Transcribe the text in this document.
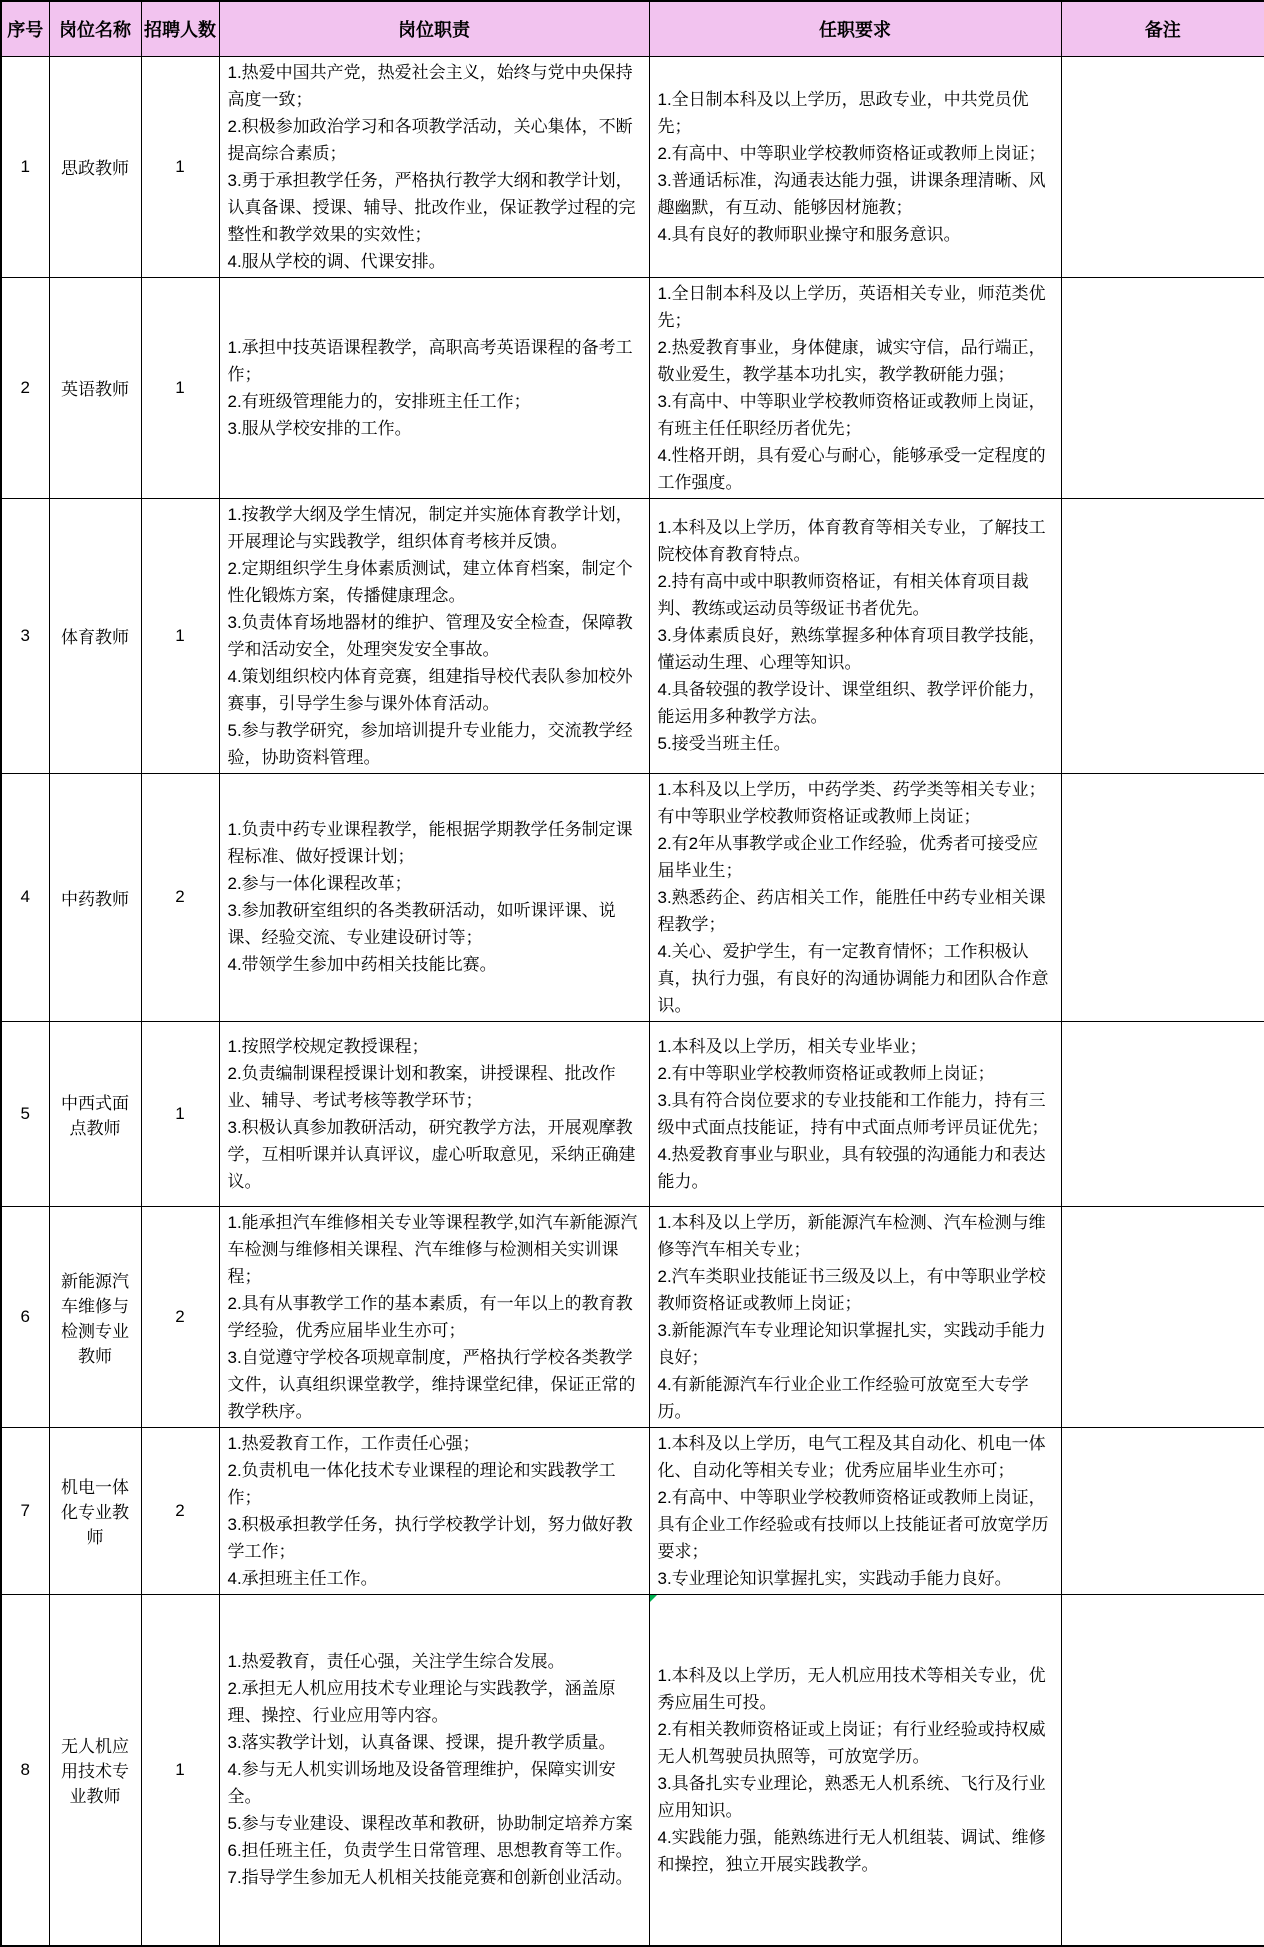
序号	岗位名称	招聘人数	岗位职责	任职要求	备注
1	思政教师	1	
1.热爱中国共产党，热爱社会主义，始终与党中央保持高度一致；
2.积极参加政治学习和各项教学活动，关心集体，不断提高综合素质；
3.勇于承担教学任务，严格执行教学大纲和教学计划，认真备课、授课、辅导、批改作业，保证教学过程的完整性和教学效果的实效性；
4.服从学校的调、代课安排。

1.全日制本科及以上学历，思政专业，中共党员优先；
2.有高中、中等职业学校教师资格证或教师上岗证；
3.普通话标准，沟通表达能力强，讲课条理清晰、风趣幽默，有互动、能够因材施教；
4.具有良好的教师职业操守和服务意识。

2	英语教师	1	
1.承担中技英语课程教学，高职高考英语课程的备考工作；
2.有班级管理能力的，安排班主任工作；
3.服从学校安排的工作。

1.全日制本科及以上学历，英语相关专业，师范类优先；
2.热爱教育事业，身体健康，诚实守信，品行端正，敬业爱生，教学基本功扎实，教学教研能力强；
3.有高中、中等职业学校教师资格证或教师上岗证，有班主任任职经历者优先；
4.性格开朗，具有爱心与耐心，能够承受一定程度的工作强度。

3	体育教师	1	
1.按教学大纲及学生情况，制定并实施体育教学计划，开展理论与实践教学，组织体育考核并反馈。
2.定期组织学生身体素质测试，建立体育档案，制定个性化锻炼方案，传播健康理念。
3.负责体育场地器材的维护、管理及安全检查，保障教学和活动安全，处理突发安全事故。
4.策划组织校内体育竞赛，组建指导校代表队参加校外赛事，引导学生参与课外体育活动。
5.参与教学研究，参加培训提升专业能力，交流教学经验，协助资料管理。

1.本科及以上学历，体育教育等相关专业，了解技工院校体育教育特点。
2.持有高中或中职教师资格证，有相关体育项目裁判、教练或运动员等级证书者优先。
3.身体素质良好，熟练掌握多种体育项目教学技能，懂运动生理、心理等知识。
4.具备较强的教学设计、课堂组织、教学评价能力，能运用多种教学方法。
5.接受当班主任。

4	中药教师	2	
1.负责中药专业课程教学，能根据学期教学任务制定课程标准、做好授课计划；
2.参与一体化课程改革；
3.参加教研室组织的各类教研活动，如听课评课、说课、经验交流、专业建设研讨等；
4.带领学生参加中药相关技能比赛。

1.本科及以上学历，中药学类、药学类等相关专业；有中等职业学校教师资格证或教师上岗证；
2.有2年从事教学或企业工作经验，优秀者可接受应届毕业生；
3.熟悉药企、药店相关工作，能胜任中药专业相关课程教学；
4.关心、爱护学生，有一定教育情怀；工作积极认真，执行力强，有良好的沟通协调能力和团队合作意识。

5	中西式面点教师	1	
1.按照学校规定教授课程；
2.负责编制课程授课计划和教案，讲授课程、批改作业、辅导、考试考核等教学环节；
3.积极认真参加教研活动，研究教学方法，开展观摩教学，互相听课并认真评议，虚心听取意见，采纳正确建议。

1.本科及以上学历，相关专业毕业；
2.有中等职业学校教师资格证或教师上岗证；
3.具有符合岗位要求的专业技能和工作能力，持有三级中式面点技能证，持有中式面点师考评员证优先；
4.热爱教育事业与职业，具有较强的沟通能力和表达能力。

6	新能源汽车维修与检测专业教师	2	
1.能承担汽车维修相关专业等课程教学,如汽车新能源汽车检测与维修相关课程、汽车维修与检测相关实训课程；
2.具有从事教学工作的基本素质，有一年以上的教育教学经验，优秀应届毕业生亦可；
3.自觉遵守学校各项规章制度，严格执行学校各类教学文件，认真组织课堂教学，维持课堂纪律，保证正常的教学秩序。

1.本科及以上学历，新能源汽车检测、汽车检测与维修等汽车相关专业；
2.汽车类职业技能证书三级及以上，有中等职业学校教师资格证或教师上岗证；
3.新能源汽车专业理论知识掌握扎实，实践动手能力良好；
4.有新能源汽车行业企业工作经验可放宽至大专学历。

7	机电一体化专业教师	2	
1.热爱教育工作，工作责任心强；
2.负责机电一体化技术专业课程的理论和实践教学工作；
3.积极承担教学任务，执行学校教学计划，努力做好教学工作；
4.承担班主任工作。

1.本科及以上学历，电气工程及其自动化、机电一体化、自动化等相关专业；优秀应届毕业生亦可；
2.有高中、中等职业学校教师资格证或教师上岗证，具有企业工作经验或有技师以上技能证者可放宽学历要求；
3.专业理论知识掌握扎实，实践动手能力良好。

8	无人机应用技术专业教师	1	
1.热爱教育，责任心强，关注学生综合发展。
2.承担无人机应用技术专业理论与实践教学，涵盖原理、操控、行业应用等内容。
3.落实教学计划，认真备课、授课，提升教学质量。
4.参与无人机实训场地及设备管理维护，保障实训安全。
5.参与专业建设、课程改革和教研，协助制定培养方案
6.担任班主任，负责学生日常管理、思想教育等工作。
7.指导学生参加无人机相关技能竞赛和创新创业活动。

1.本科及以上学历，无人机应用技术等相关专业，优秀应届生可投。
2.有相关教师资格证或上岗证；有行业经验或持权威无人机驾驶员执照等，可放宽学历。
3.具备扎实专业理论，熟悉无人机系统、飞行及行业应用知识。
4.实践能力强，能熟练进行无人机组装、调试、维修和操控，独立开展实践教学。
